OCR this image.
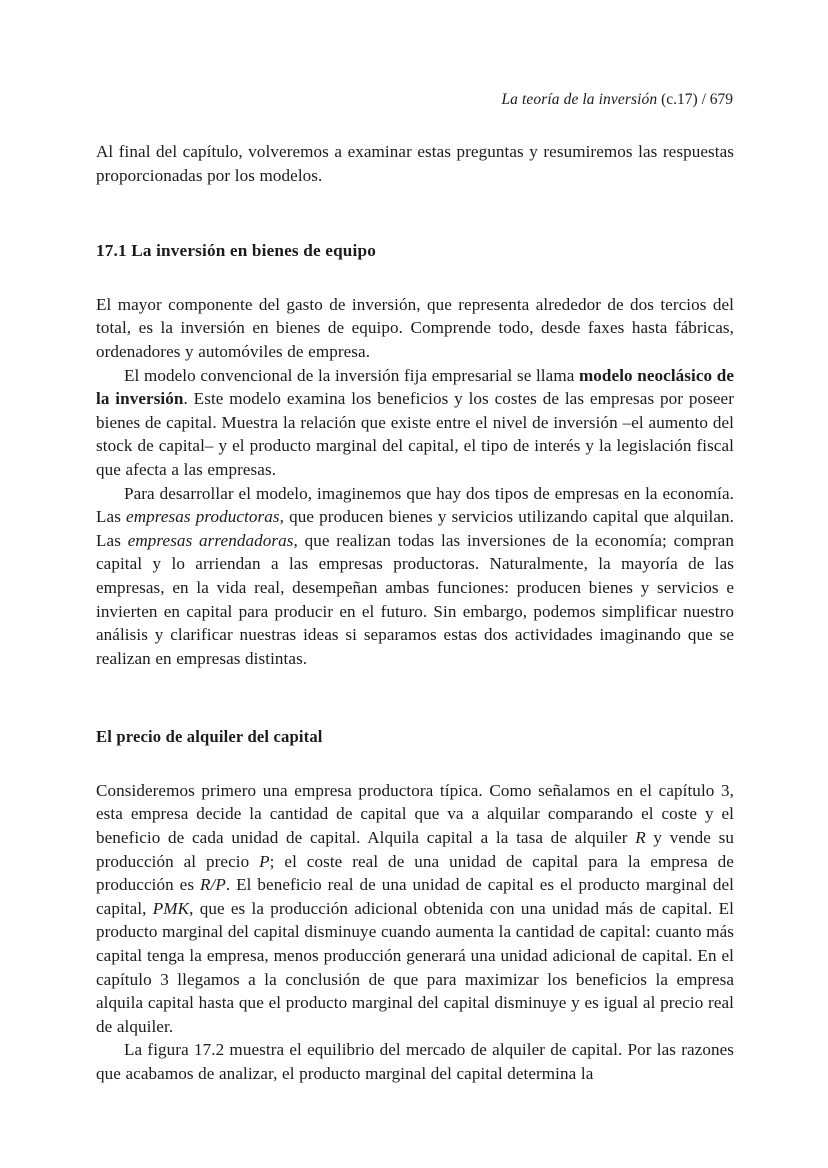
La teoría de la inversión (c.17) / 679

Al final del capítulo, volveremos a examinar estas preguntas y resumiremos las respuestas proporcionadas por los modelos.

17.1 La inversión en bienes de equipo

El mayor componente del gasto de inversión, que representa alrededor de dos tercios del total, es la inversión en bienes de equipo. Comprende todo, desde faxes hasta fábricas, ordenadores y automóviles de empresa.

El modelo convencional de la inversión fija empresarial se llama modelo neoclásico de la inversión. Este modelo examina los beneficios y los costes de las empresas por poseer bienes de capital. Muestra la relación que existe entre el nivel de inversión –el aumento del stock de capital– y el producto marginal del capital, el tipo de interés y la legislación fiscal que afecta a las empresas.

Para desarrollar el modelo, imaginemos que hay dos tipos de empresas en la economía. Las empresas productoras, que producen bienes y servicios utilizando capital que alquilan. Las empresas arrendadoras, que realizan todas las inversiones de la economía; compran capital y lo arriendan a las empresas productoras. Naturalmente, la mayoría de las empresas, en la vida real, desempeñan ambas funciones: producen bienes y servicios e invierten en capital para producir en el futuro. Sin embargo, podemos simplificar nuestro análisis y clarificar nuestras ideas si separamos estas dos actividades imaginando que se realizan en empresas distintas.

El precio de alquiler del capital

Consideremos primero una empresa productora típica. Como señalamos en el capítulo 3, esta empresa decide la cantidad de capital que va a alquilar comparando el coste y el beneficio de cada unidad de capital. Alquila capital a la tasa de alquiler R y vende su producción al precio P; el coste real de una unidad de capital para la empresa de producción es R/P. El beneficio real de una unidad de capital es el producto marginal del capital, PMK, que es la producción adicional obtenida con una unidad más de capital. El producto marginal del capital disminuye cuando aumenta la cantidad de capital: cuanto más capital tenga la empresa, menos producción generará una unidad adicional de capital. En el capítulo 3 llegamos a la conclusión de que para maximizar los beneficios la empresa alquila capital hasta que el producto marginal del capital disminuye y es igual al precio real de alquiler.

La figura 17.2 muestra el equilibrio del mercado de alquiler de capital. Por las razones que acabamos de analizar, el producto marginal del capital determina la
